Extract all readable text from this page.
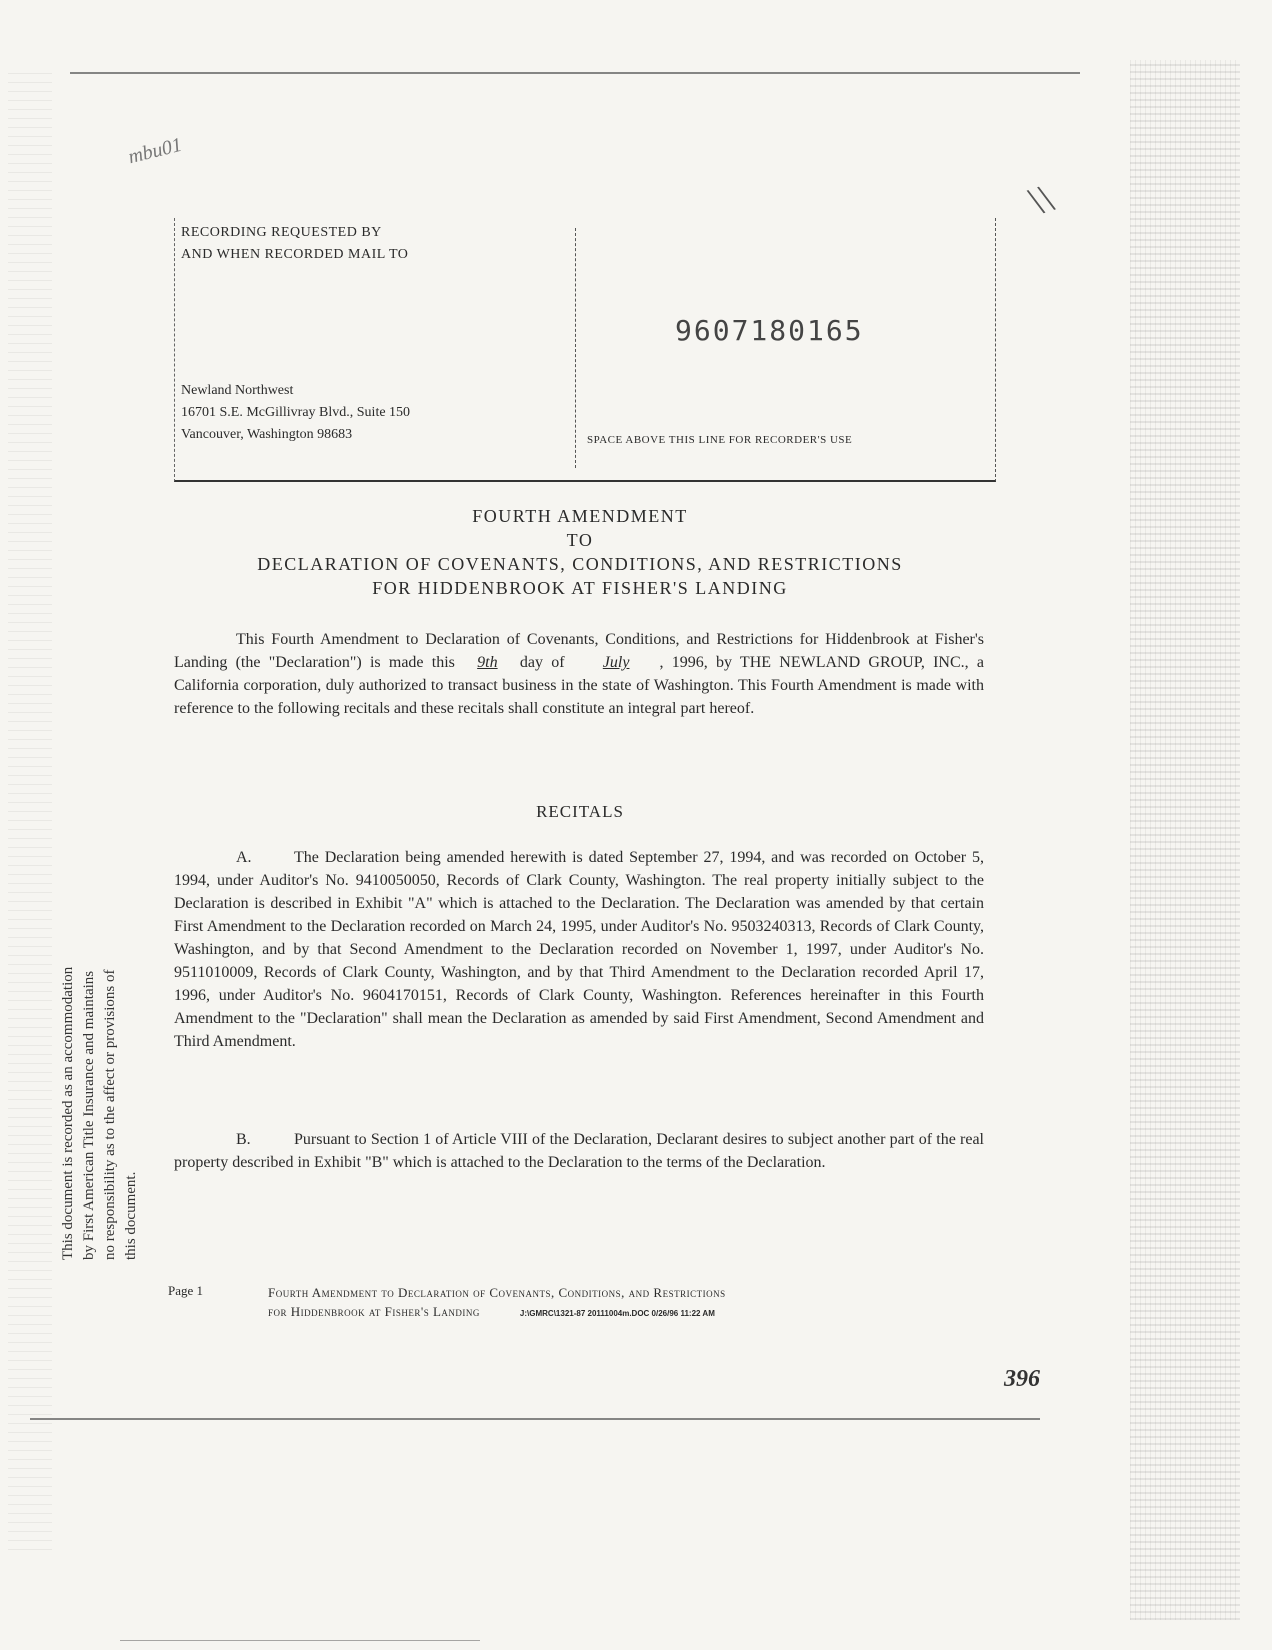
mbu01
\\
RECORDING REQUESTED BY
AND WHEN RECORDED MAIL TO
Newland Northwest
16701 S.E. McGillivray Blvd., Suite 150
Vancouver, Washington 98683
9607180165
SPACE ABOVE THIS LINE FOR RECORDER'S USE
FOURTH AMENDMENT
TO
DECLARATION OF COVENANTS, CONDITIONS, AND RESTRICTIONS
FOR HIDDENBROOK AT FISHER'S LANDING
This Fourth Amendment to Declaration of Covenants, Conditions, and Restrictions for Hiddenbrook at Fisher's Landing (the "Declaration") is made this 9th day of July , 1996, by THE NEWLAND GROUP, INC., a California corporation, duly authorized to transact business in the state of Washington. This Fourth Amendment is made with reference to the following recitals and these recitals shall constitute an integral part hereof.
RECITALS
A.	The Declaration being amended herewith is dated September 27, 1994, and was recorded on October 5, 1994, under Auditor's No. 9410050050, Records of Clark County, Washington. The real property initially subject to the Declaration is described in Exhibit "A" which is attached to the Declaration. The Declaration was amended by that certain First Amendment to the Declaration recorded on March 24, 1995, under Auditor's No. 9503240313, Records of Clark County, Washington, and by that Second Amendment to the Declaration recorded on November 1, 1997, under Auditor's No. 9511010009, Records of Clark County, Washington, and by that Third Amendment to the Declaration recorded April 17, 1996, under Auditor's No. 9604170151, Records of Clark County, Washington. References hereinafter in this Fourth Amendment to the "Declaration" shall mean the Declaration as amended by said First Amendment, Second Amendment and Third Amendment.
B.	Pursuant to Section 1 of Article VIII of the Declaration, Declarant desires to subject another part of the real property described in Exhibit "B" which is attached to the Declaration to the terms of the Declaration.
This document is recorded as an accommodation by First American Title Insurance and maintains no responsibility as to the affect or provisions of this document.
Page 1	Fourth Amendment to Declaration of Covenants, Conditions, and Restrictions
for Hiddenbrook at Fisher's Landing	J:\GMRC\1321-87 20111004m.DOC 0/26/96 11:22 AM
396
